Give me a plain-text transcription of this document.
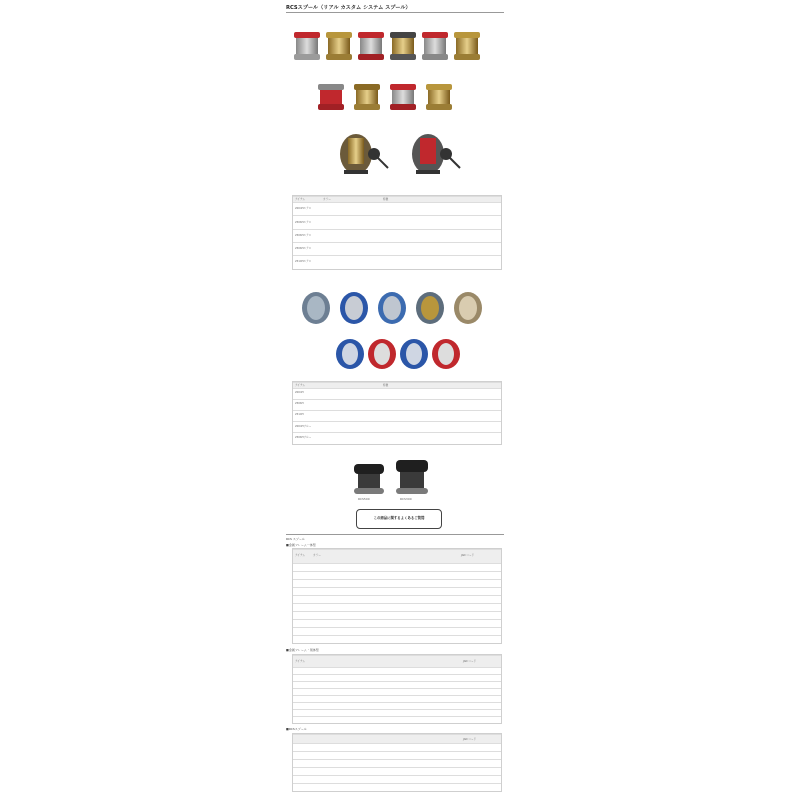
RCSスプール（リアル カスタム システム スプール）
アイテム	カラー	特徴
2004Hエアロ
2506Hエアロ
2506Hエアロ
2506Hエアロ
2510Hエアロ
アイテム	特徴
2004H
2506H
2510H
2004Hブルー
2506Hブルー
RCS500	RCS300
この商品に関するよくあるご質問
RCS スプール
■金属フレーム一体型
アイテム	カラー	JAN コード
■金属フレーム・別体型
アイテム	JAN コード
■RCSスプール
JAN コード
